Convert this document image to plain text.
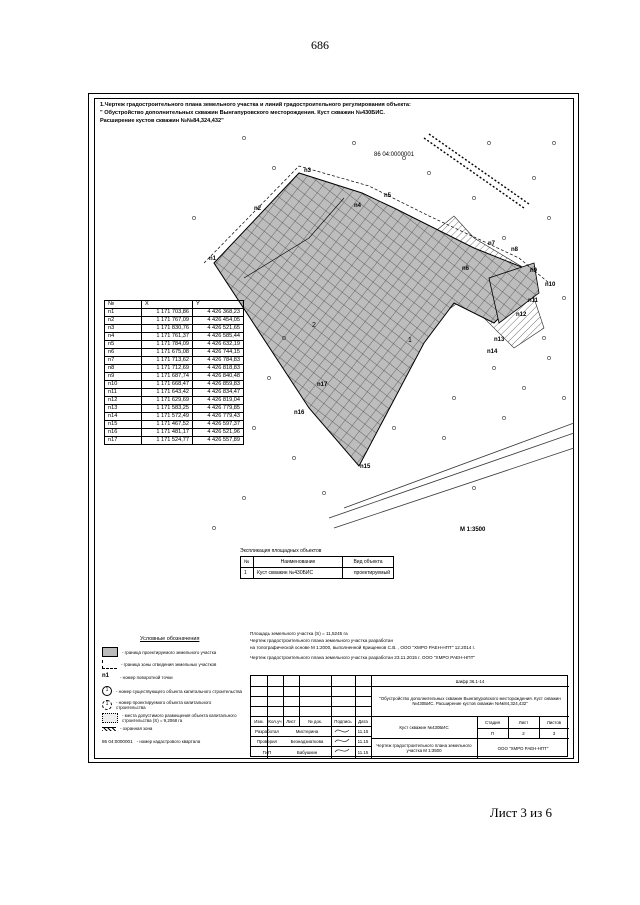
686
1.Чертеж градостроительного плана земельного участка и линий градостроительного регулирования объекта:
" Обустройство дополнительных скважин Вынгапуровского месторождения. Куст скважин №430БИС.
Расширение кустов скважин №№84,324,432"
86 04:0000001
М 1:3500
1
2
n1
n2
n3
n4
n5
n6
n7
n8
n9
n10
n11
n12
n13
n14
n15
n16
n17
№	X	Y
n1	1 171 703,86	4 426 368,23
n2	1 171 767,09	4 426 454,05
n3	1 171 830,76	4 426 521,65
n4	1 171 761,37	4 426 585,44
n5	1 171 784,09	4 426 632,19
n6	1 171 675,08	4 426 744,15
n7	1 171 713,62	4 426 784,83
n8	1 171 712,69	4 426 818,83
n9	1 171 687,74	4 426 840,48
n10	1 171 668,47	4 426 859,83
n11	1 171 643,42	4 426 834,47
n12	1 171 629,69	4 426 819,04
n13	1 171 583,25	4 426 779,85
n14	1 171 572,49	4 426 779,43
n15	1 171 467,52	4 426 597,37
n16	1 171 481,17	4 426 521,96
n17	1 171 524,77	4 426 557,89
Экспликация площадных объектов
№	Наименование	Вид объекта
1	Куст скважин №430БИС	проектируемый
Условные обозначения
- граница проектируемого земельного участка
- граница зоны отведения земельных участков
n1	- номер поворотной точки
1	- номер существующего объекта капитального строительства
1	- номер проектируемого объекта капитального строительства
- места допустимого размещения объекта капитального строительства (S) = 9,2068 га
- охранная зона
86 04:0000001 - номер кадастрового квартала
Площадь земельного участка (S) = 11,5245 га
Чертеж градостроительного плана земельного участка разработан
на топографической основе М 1:2000, выполненной Крищенков С.В. , ООО "ХМРО РАЕН-НПТ" 12.2014 г.
Чертеж градостроительного плана земельного участка разработан 23.11.2015 г. ООО "ХМРО РАЕН-НПТ"
Шифр 36.1-14
"Обустройство дополнительных скважин Вынгапуровского месторождения. Куст скважин №430БИС. Расширение кустов скважин №№84,324,432"
Изм.	Кол.уч	Лист	№ док.	Подпись	Дата
Разработал	Мистерина	11.15
Проверил	Безнадзиаткова	11.15
ГИП	Бабушкин	11.15
Куст скважин №430БИС
Стадия	Лист	Листов
П	2	3
Чертеж градостроительного плана земельного участка М 1:3500	ООО "ХМРО РАЕН-НПТ"
Лист 3 из 6
